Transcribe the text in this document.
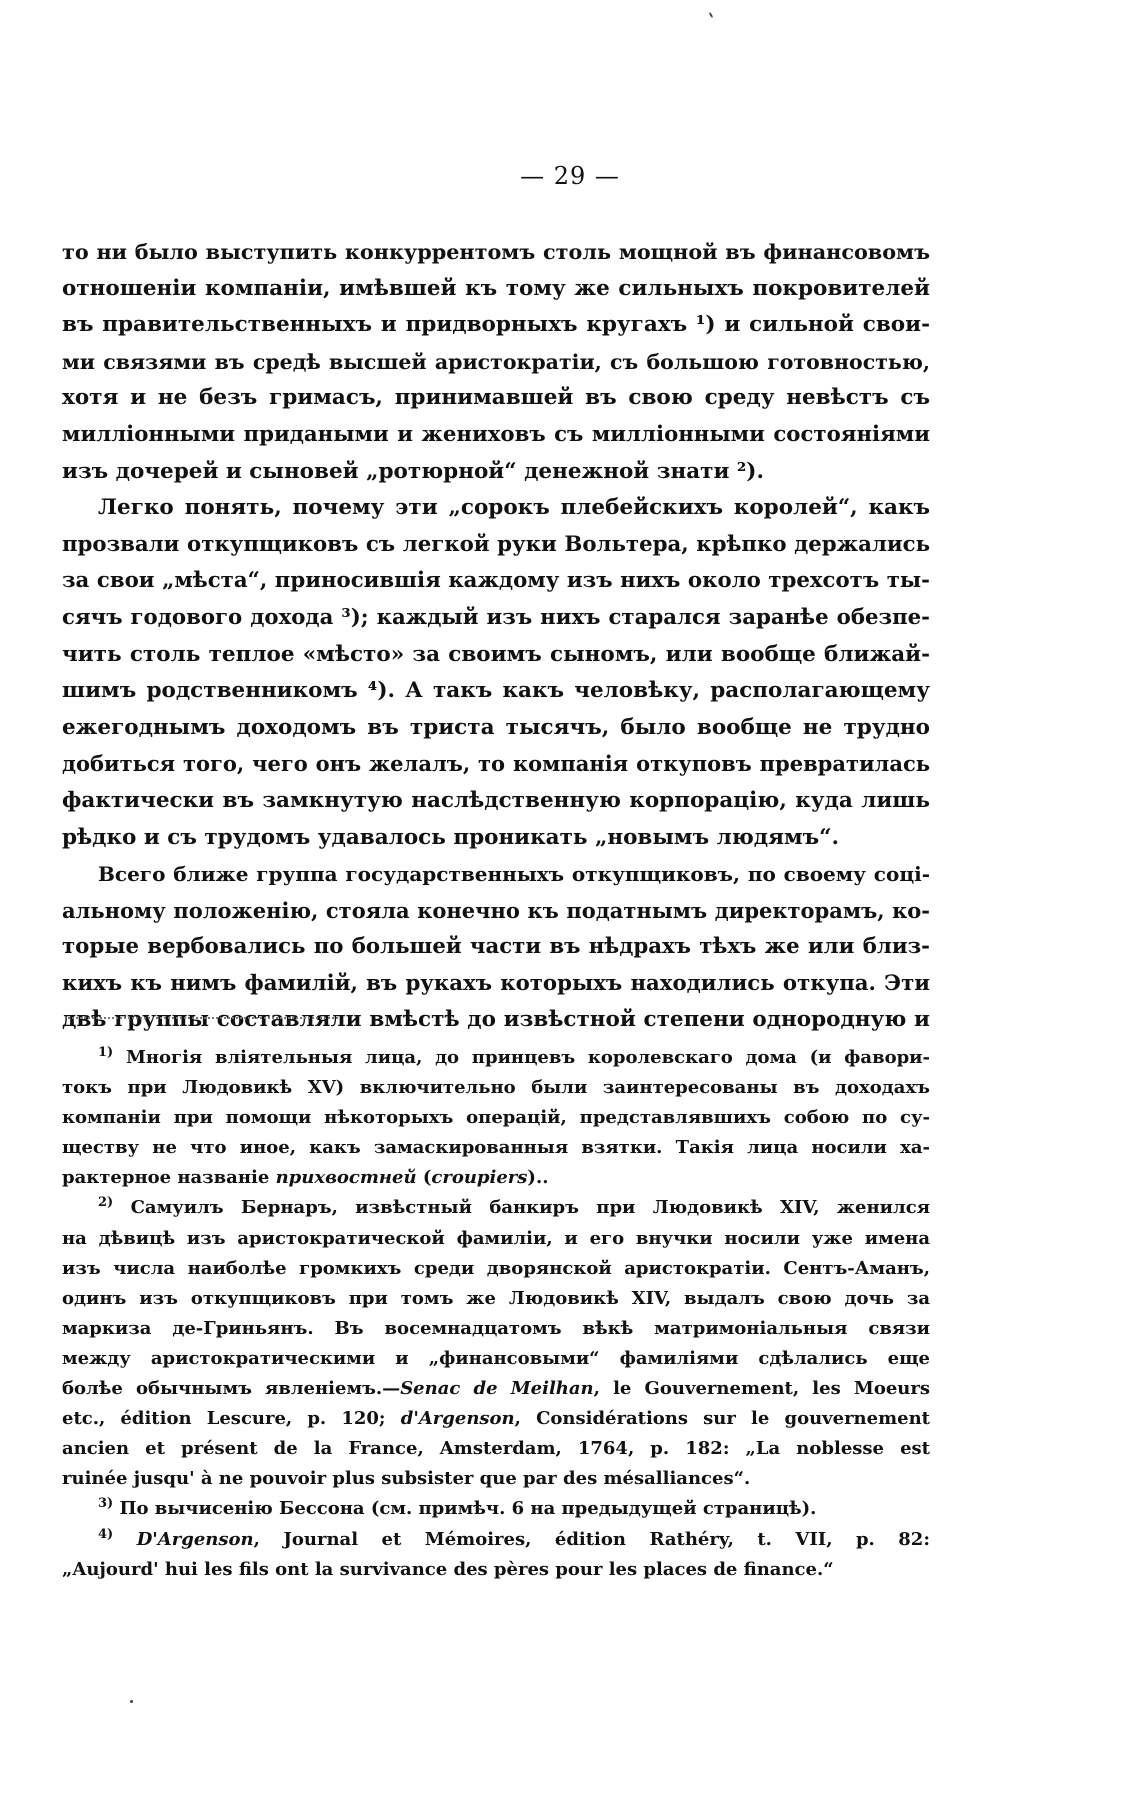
— 29 —

то ни было выступить конкуррентомъ столь мощной въ финансовомъ
отношенiи компанiи, имѣвшей къ тому же сильныхъ покровителей
въ правительственныхъ и придворныхъ кругахъ ¹) и сильной свои-
ми связями въ средѣ высшей аристократiи, съ большою готовностью,
хотя и не безъ гримасъ, принимавшей въ свою среду невѣстъ съ
милліонными придаными и жениховъ съ милліонными состояніями
изъ дочерей и сыновей „ротюрной“ денежной знати ²).

Легко понять, почему эти „сорокъ плебейскихъ королей“, какъ
прозвали откупщиковъ съ легкой руки Вольтера, крѣпко держались
за свои „мѣста“, приносившiя каждому изъ нихъ около трехсотъ ты-
сячъ годового дохода ³); каждый изъ нихъ старался заранѣе обезпе-
чить столь теплое «мѣсто» за своимъ сыномъ, или вообще ближай-
шимъ родственникомъ ⁴). А такъ какъ человѣку, располагающему
ежегоднымъ доходомъ въ триста тысячъ, было вообще не трудно
добиться того, чего онъ желалъ, то компанiя откуповъ превратилась
фактически въ замкнутую наслѣдственную корпорацiю, куда лишь
рѣдко и съ трудомъ удавалось проникать „новымъ людямъ“.

Всего ближе группа государственныхъ откупщиковъ, по своему соцi-
альному положенiю, стояла конечно къ податнымъ директорамъ, ко-
торые вербовались по большей части въ нѣдрахъ тѣхъ же или близ-
кихъ къ нимъ фамилiй, въ рукахъ которыхъ находились откупа. Эти
двѣ группы составляли вмѣстѣ до извѣстной степени однородную и

$^{1)}$ Многiя влiятельныя лица, до принцевъ королевскаго дома (и фавори-
токъ при Людовикѣ XV) включительно были заинтересованы въ доходахъ
компанiи при помощи нѣкоторыхъ операцiй, представлявшихъ собою по су-
ществу не что иное, какъ замаскированныя взятки. Такiя лица носили ха-
рактерное названiе прихвостней (croupiers)..

$^{2)}$ Самуилъ Бернаръ, извѣстный банкиръ при Людовикѣ XIV, женился
на дѣвицѣ изъ аристократической фамилiи, и его внучки носили уже имена
изъ числа наиболѣе громкихъ среди дворянской аристократiи. Сентъ-Аманъ,
одинъ изъ откупщиковъ при томъ же Людовикѣ XIV, выдалъ свою дочь за
маркиза де-Гриньянъ. Въ восемнадцатомъ вѣкѣ матримонiальныя связи
между аристократическими и „финансовыми“ фамилiями сдѣлались еще
болѣе обычнымъ явленiемъ.—Senac de Meilhan, le Gouvernement, les Moeurs
etc., édition Lescure, p. 120; d'Argenson, Considérations sur le gouvernement
ancien et présent de la France, Amsterdam, 1764, p. 182: „La noblesse est
ruinée jusqu' à ne pouvoir plus subsister que par des mésalliances“.

$^{3)}$ По вычисенiю Бессона (см. примѣч. 6 на предыдущей страницѣ).

$^{4)}$ D'Argenson, Journal et Mémoires, édition Rathéry, t. VII, p. 82:
„Aujourd' hui les fils ont la survivance des pères pour les places de finance.“
